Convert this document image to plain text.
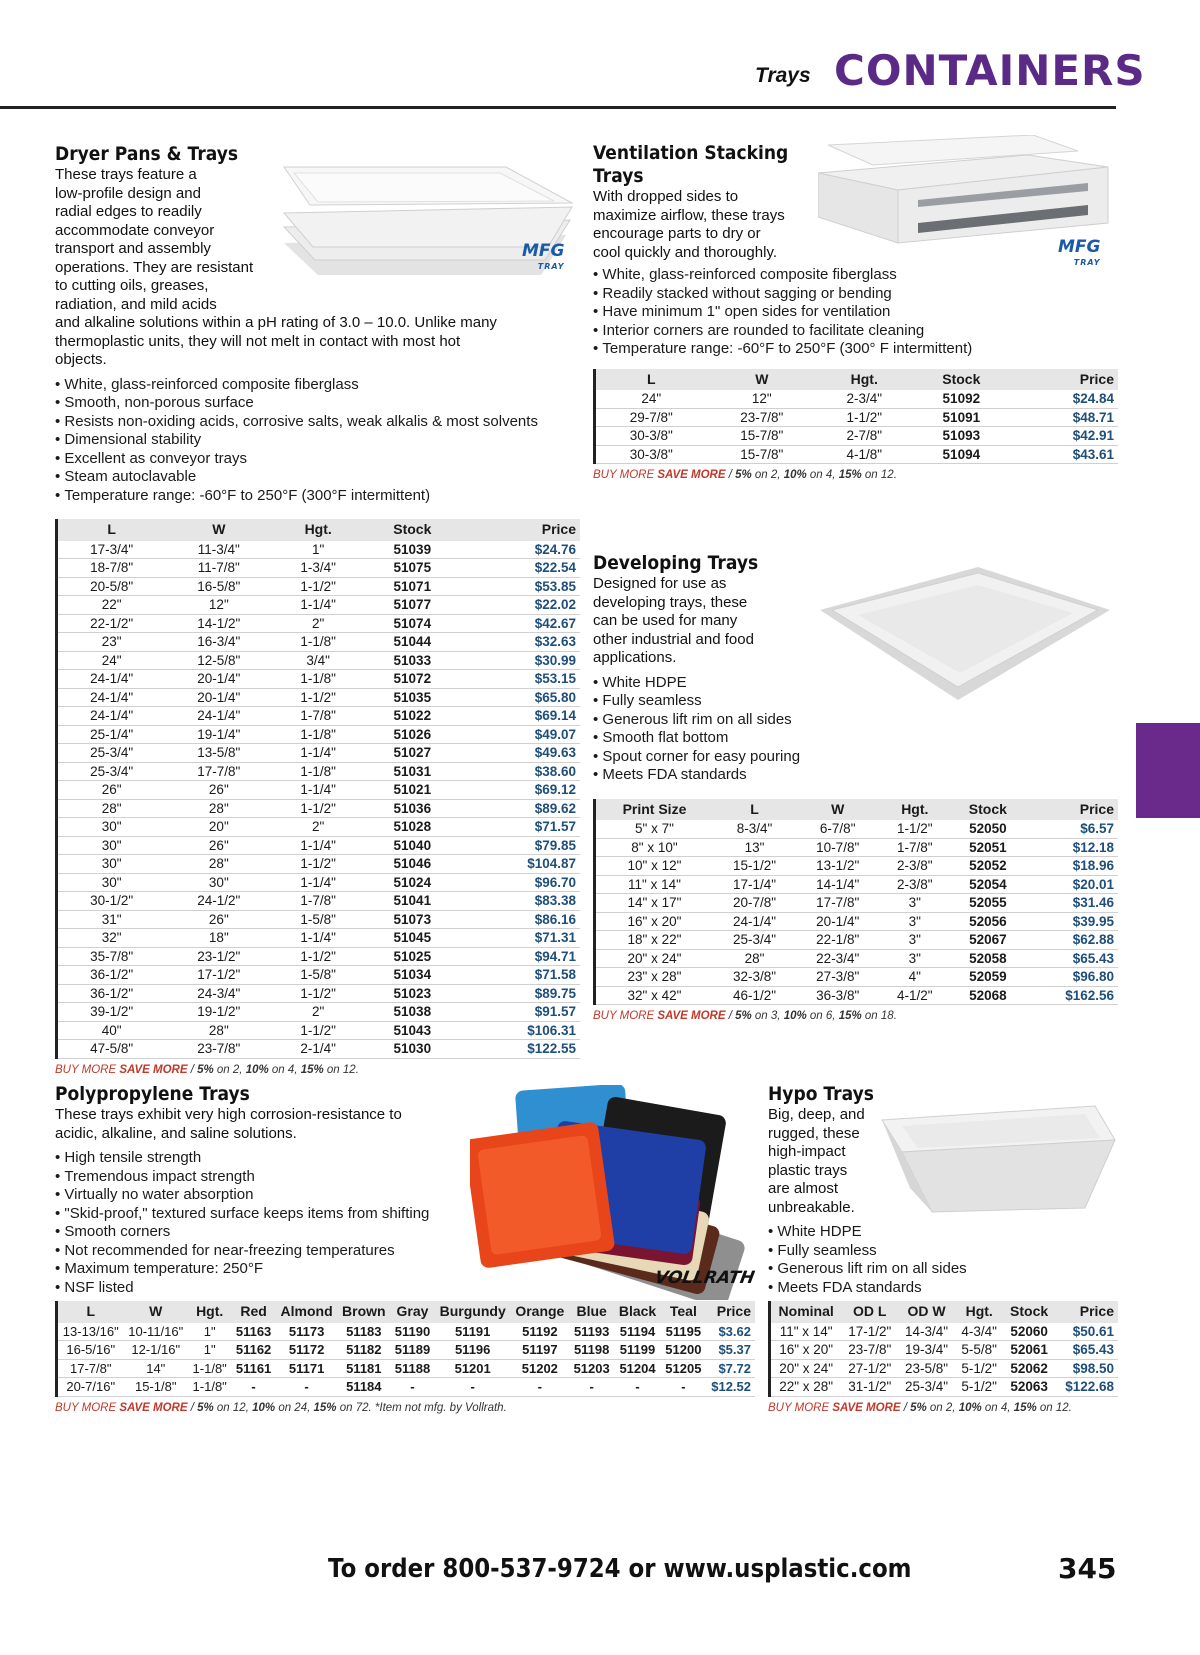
Trays CONTAINERS
Dryer Pans & Trays
These trays feature a
low-profile design and
radial edges to readily
accommodate conveyor
transport and assembly
operations. They are resistant
to cutting oils, greases,
radiation, and mild acids
and alkaline solutions within a pH rating of 3.0 – 10.0. Unlike many
thermoplastic units, they will not melt in contact with most hot
objects.
• White, glass-reinforced composite fiberglass
• Smooth, non-porous surface
• Resists non-oxiding acids, corrosive salts, weak alkalis & most solvents
• Dimensional stability
• Excellent as conveyor trays
• Steam autoclavable
• Temperature range: -60°F to 250°F (300°F intermittent)
L	W	Hgt.	Stock	Price
17-3/4"	11-3/4"	1"	51039	$24.76
18-7/8"	11-7/8"	1-3/4"	51075	$22.54
20-5/8"	16-5/8"	1-1/2"	51071	$53.85
22"	12"	1-1/4"	51077	$22.02
22-1/2"	14-1/2"	2"	51074	$42.67
23"	16-3/4"	1-1/8"	51044	$32.63
24"	12-5/8"	3/4"	51033	$30.99
24-1/4"	20-1/4"	1-1/8"	51072	$53.15
24-1/4"	20-1/4"	1-1/2"	51035	$65.80
24-1/4"	24-1/4"	1-7/8"	51022	$69.14
25-1/4"	19-1/4"	1-1/8"	51026	$49.07
25-3/4"	13-5/8"	1-1/4"	51027	$49.63
25-3/4"	17-7/8"	1-1/8"	51031	$38.60
26"	26"	1-1/4"	51021	$69.12
28"	28"	1-1/2"	51036	$89.62
30"	20"	2"	51028	$71.57
30"	26"	1-1/4"	51040	$79.85
30"	28"	1-1/2"	51046	$104.87
30"	30"	1-1/4"	51024	$96.70
30-1/2"	24-1/2"	1-7/8"	51041	$83.38
31"	26"	1-5/8"	51073	$86.16
32"	18"	1-1/4"	51045	$71.31
35-7/8"	23-1/2"	1-1/2"	51025	$94.71
36-1/2"	17-1/2"	1-5/8"	51034	$71.58
36-1/2"	24-3/4"	1-1/2"	51023	$89.75
39-1/2"	19-1/2"	2"	51038	$91.57
40"	28"	1-1/2"	51043	$106.31
47-5/8"	23-7/8"	2-1/4"	51030	$122.55
BUY MORE SAVE MORE / 5% on 2, 10% on 4, 15% on 12.
MFG
TRAY
Ventilation Stacking
Trays
With dropped sides to
maximize airflow, these trays
encourage parts to dry or
cool quickly and thoroughly.
• White, glass-reinforced composite fiberglass
• Readily stacked without sagging or bending
• Have minimum 1" open sides for ventilation
• Interior corners are rounded to facilitate cleaning
• Temperature range: -60°F to 250°F (300° F intermittent)
L	W	Hgt.	Stock	Price
24"	12"	2-3/4"	51092	$24.84
29-7/8"	23-7/8"	1-1/2"	51091	$48.71
30-3/8"	15-7/8"	2-7/8"	51093	$42.91
30-3/8"	15-7/8"	4-1/8"	51094	$43.61
BUY MORE SAVE MORE / 5% on 2, 10% on 4, 15% on 12.
MFG
TRAY
Developing Trays
Designed for use as
developing trays, these
can be used for many
other industrial and food
applications.
• White HDPE
• Fully seamless
• Generous lift rim on all sides
• Smooth flat bottom
• Spout corner for easy pouring
• Meets FDA standards
Print Size	L	W	Hgt.	Stock	Price
5" x 7"	8-3/4"	6-7/8"	1-1/2"	52050	$6.57
8" x 10"	13"	10-7/8"	1-7/8"	52051	$12.18
10" x 12"	15-1/2"	13-1/2"	2-3/8"	52052	$18.96
11" x 14"	17-1/4"	14-1/4"	2-3/8"	52054	$20.01
14" x 17"	20-7/8"	17-7/8"	3"	52055	$31.46
16" x 20"	24-1/4"	20-1/4"	3"	52056	$39.95
18" x 22"	25-3/4"	22-1/8"	3"	52067	$62.88
20" x 24"	28"	22-3/4"	3"	52058	$65.43
23" x 28"	32-3/8"	27-3/8"	4"	52059	$96.80
32" x 42"	46-1/2"	36-3/8"	4-1/2"	52068	$162.56
BUY MORE SAVE MORE / 5% on 3, 10% on 6, 15% on 18.
Polypropylene Trays
These trays exhibit very high corrosion-resistance to
acidic, alkaline, and saline solutions.
• High tensile strength
• Tremendous impact strength
• Virtually no water absorption
• "Skid-proof," textured surface keeps items from shifting
• Smooth corners
• Not recommended for near-freezing temperatures
• Maximum temperature: 250°F
• NSF listed
L	W	Hgt.	Red	Almond	Brown	Gray	Burgundy	Orange	Blue	Black	Teal	Price
13-13/16"	10-11/16"	1"	51163	51173	51183	51190	51191	51192	51193	51194	51195	$3.62
16-5/16"	12-1/16"	1"	51162	51172	51182	51189	51196	51197	51198	51199	51200	$5.37
17-7/8"	14"	1-1/8"	51161	51171	51181	51188	51201	51202	51203	51204	51205	$7.72
20-7/16"	15-1/8"	1-1/8"	-	-	51184	-	-	-	-	-	-	$12.52
BUY MORE SAVE MORE / 5% on 12, 10% on 24, 15% on 72. *Item not mfg. by Vollrath.
VOLLRATH
Hypo Trays
Big, deep, and
rugged, these
high-impact
plastic trays
are almost
unbreakable.
• White HDPE
• Fully seamless
• Generous lift rim on all sides
• Meets FDA standards
Nominal	OD L	OD W	Hgt.	Stock	Price
11" x 14"	17-1/2"	14-3/4"	4-3/4"	52060	$50.61
16" x 20"	23-7/8"	19-3/4"	5-5/8"	52061	$65.43
20" x 24"	27-1/2"	23-5/8"	5-1/2"	52062	$98.50
22" x 28"	31-1/2"	25-3/4"	5-1/2"	52063	$122.68
BUY MORE SAVE MORE / 5% on 2, 10% on 4, 15% on 12.
To order 800-537-9724 or www.usplastic.com	345
